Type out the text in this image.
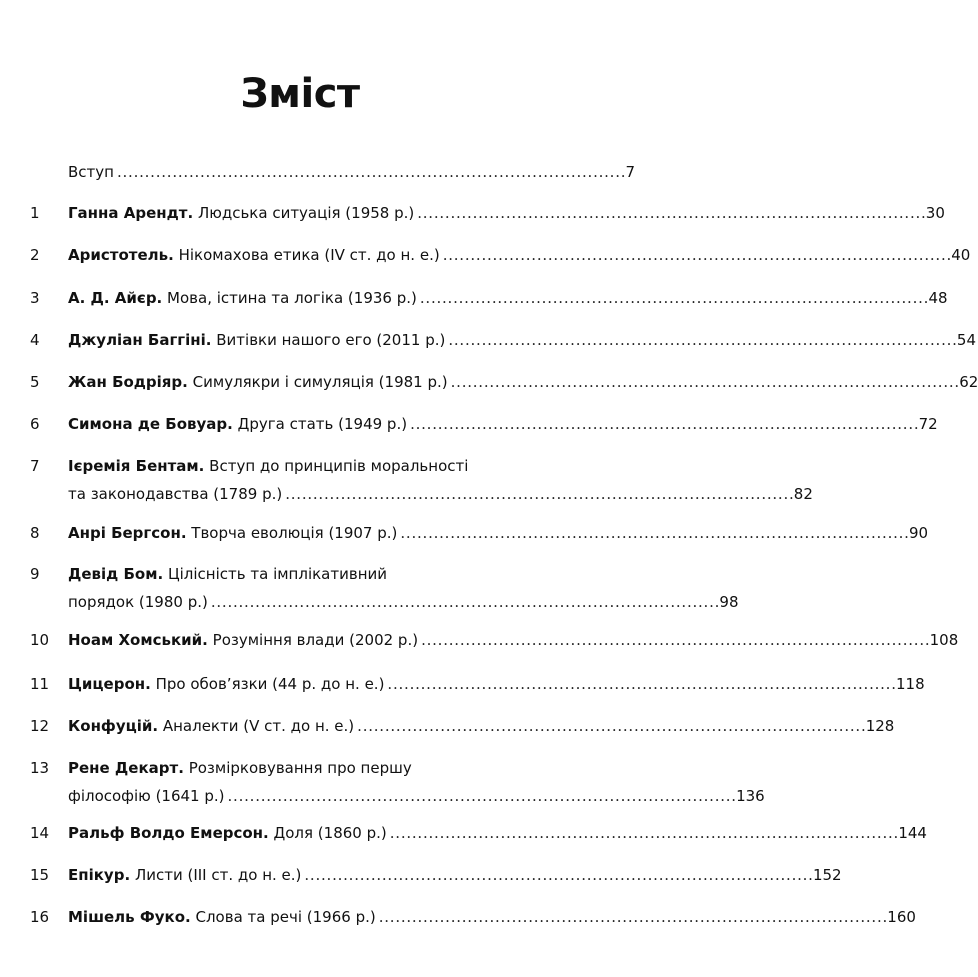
Зміст
Вступ . . .	7
1	Ганна Арендт. Людська ситуація (1958 р.) . . .	30
2	Аристотель. Нікомахова етика (IV ст. до н. е.) . . .	40
3	А. Д. Айєр. Мова, істина та логіка (1936 р.) . . .	48
4	Джуліан Баггіні. Витівки нашого его (2011 р.) . . .	54
5	Жан Бодріяр. Симулякри і симуляція (1981 р.) . . .	62
6	Симона де Бовуар. Друга стать (1949 р.) . . .	72
7	Ієремія Бентам. Вступ до принципів моральності
та законодавства (1789 р.) . . .	82
8	Анрі Бергсон. Творча еволюція (1907 р.) . . .	90
9	Девід Бом. Цілісність та імплікативний
порядок (1980 р.) . . .	98
10	Ноам Хомський. Розуміння влади (2002 р.) . . .	108
11	Цицерон. Про обов’язки (44 р. до н. е.) . . .	118
12	Конфуцій. Аналекти (V ст. до н. е.) . . .	128
13	Рене Декарт. Розмірковування про першу
філософію (1641 р.) . . .	136
14	Ральф Волдо Емерсон. Доля (1860 р.) . . .	144
15	Епікур. Листи (III ст. до н. е.) . . .	152
16	Мішель Фуко. Слова та речі (1966 р.) . . .	160
